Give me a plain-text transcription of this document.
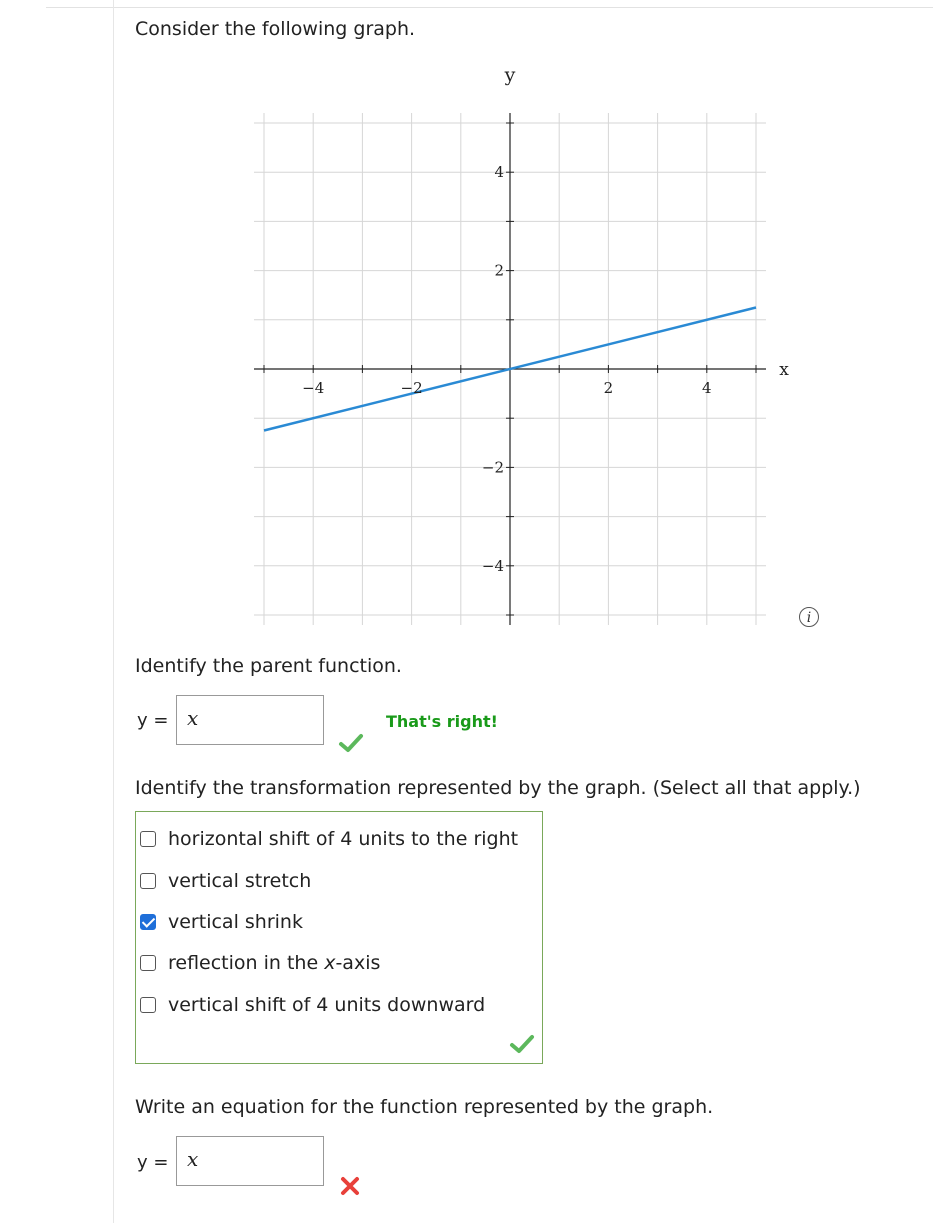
Consider the following graph.
−4	−2	2	4
−4
−2
2
4
x
y
i
Identify the parent function.
y = x	That's right!
Identify the transformation represented by the graph. (Select all that apply.)
horizontal shift of 4 units to the right
vertical stretch
vertical shrink
reflection in the x-axis
vertical shift of 4 units downward
Write an equation for the function represented by the graph.
y = x
